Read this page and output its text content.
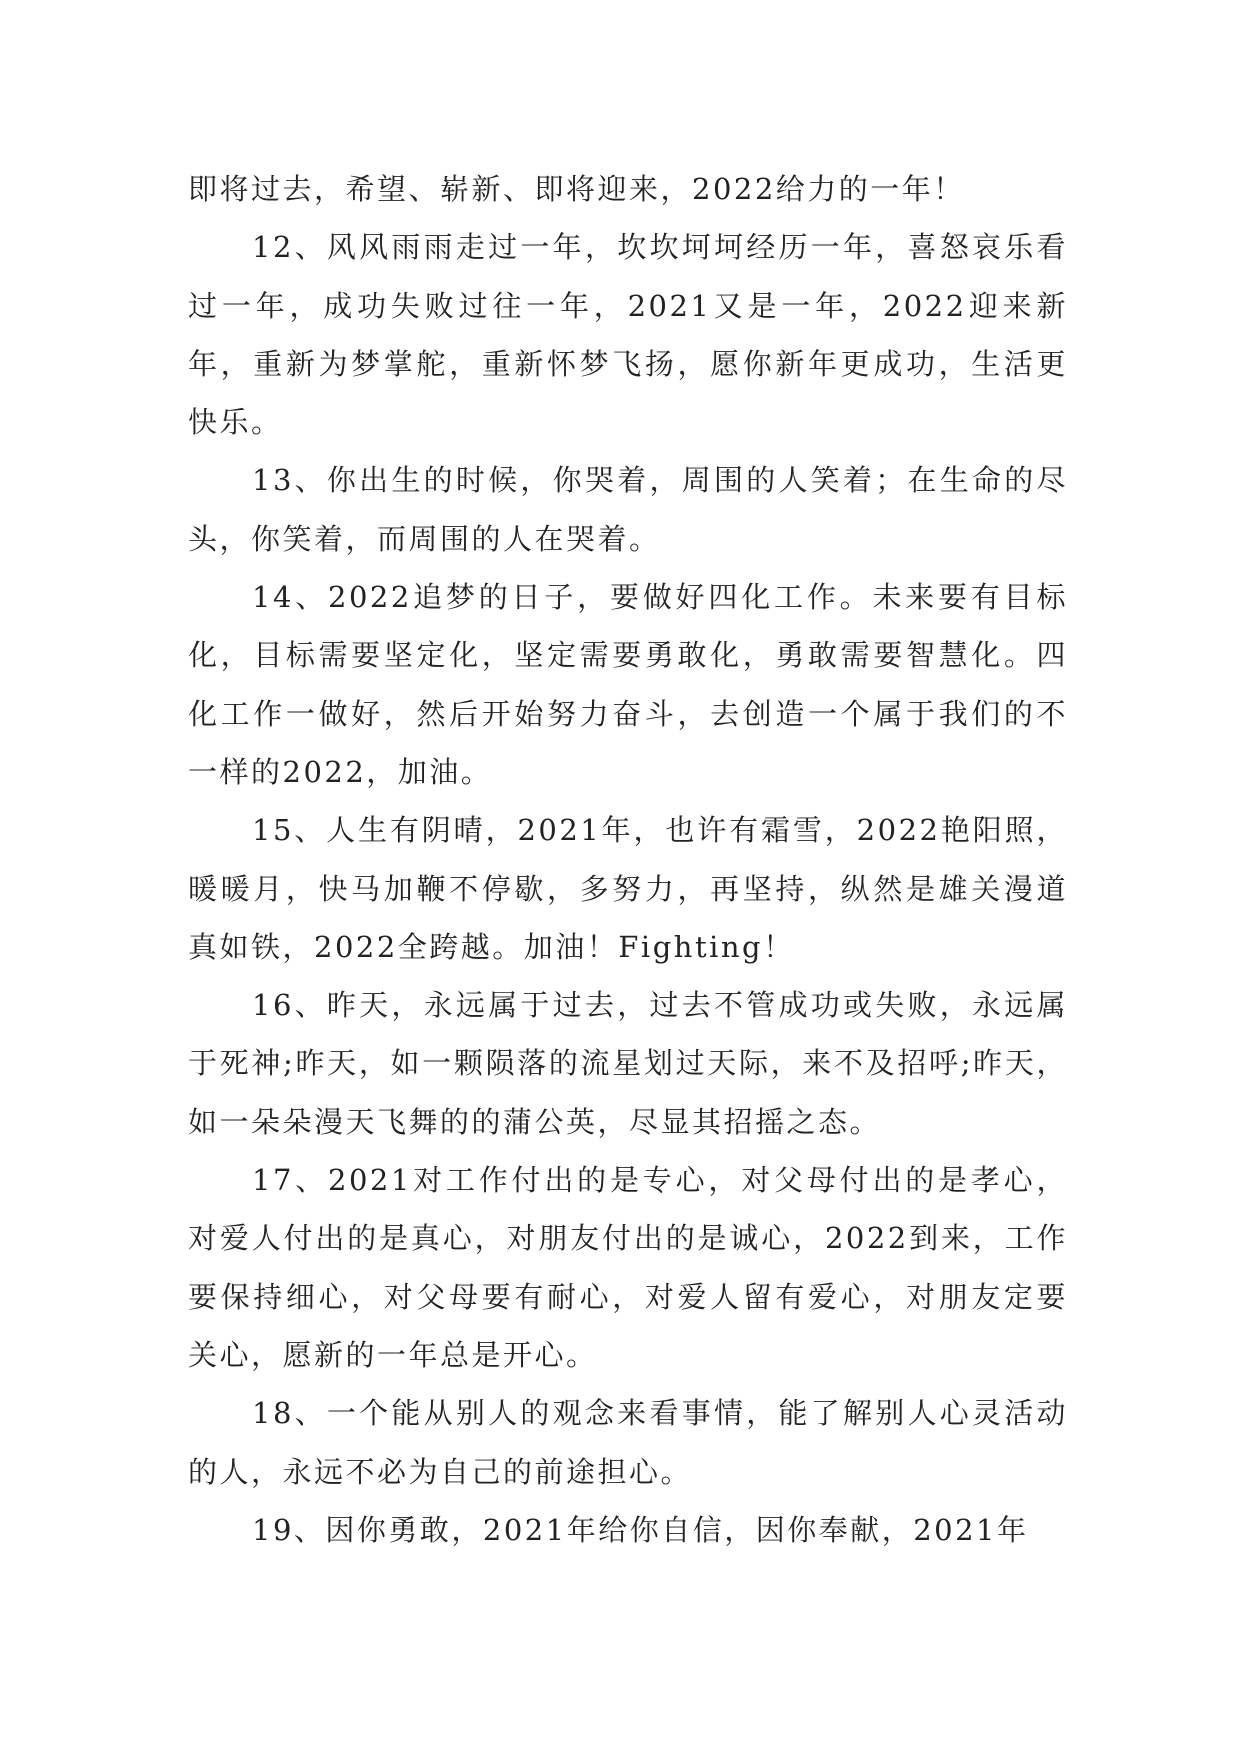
即将过去，希望、崭新、即将迎来，2022给力的一年！

12、风风雨雨走过一年，坎坎坷坷经历一年，喜怒哀乐看过一年，成功失败过往一年，2021又是一年，2022迎来新年，重新为梦掌舵，重新怀梦飞扬，愿你新年更成功，生活更快乐。

13、你出生的时候，你哭着，周围的人笑着；在生命的尽头，你笑着，而周围的人在哭着。

14、2022追梦的日子，要做好四化工作。未来要有目标化，目标需要坚定化，坚定需要勇敢化，勇敢需要智慧化。四化工作一做好，然后开始努力奋斗，去创造一个属于我们的不一样的2022，加油。

15、人生有阴晴，2021年，也许有霜雪，2022艳阳照，暖暖月，快马加鞭不停歇，多努力，再坚持，纵然是雄关漫道真如铁，2022全跨越。加油！Fighting！

16、昨天，永远属于过去，过去不管成功或失败，永远属于死神;昨天，如一颗陨落的流星划过天际，来不及招呼;昨天，如一朵朵漫天飞舞的的蒲公英，尽显其招摇之态。

17、2021对工作付出的是专心，对父母付出的是孝心，对爱人付出的是真心，对朋友付出的是诚心，2022到来，工作要保持细心，对父母要有耐心，对爱人留有爱心，对朋友定要关心，愿新的一年总是开心。

18、一个能从别人的观念来看事情，能了解别人心灵活动的人，永远不必为自己的前途担心。

19、因你勇敢，2021年给你自信，因你奉献，2021年
